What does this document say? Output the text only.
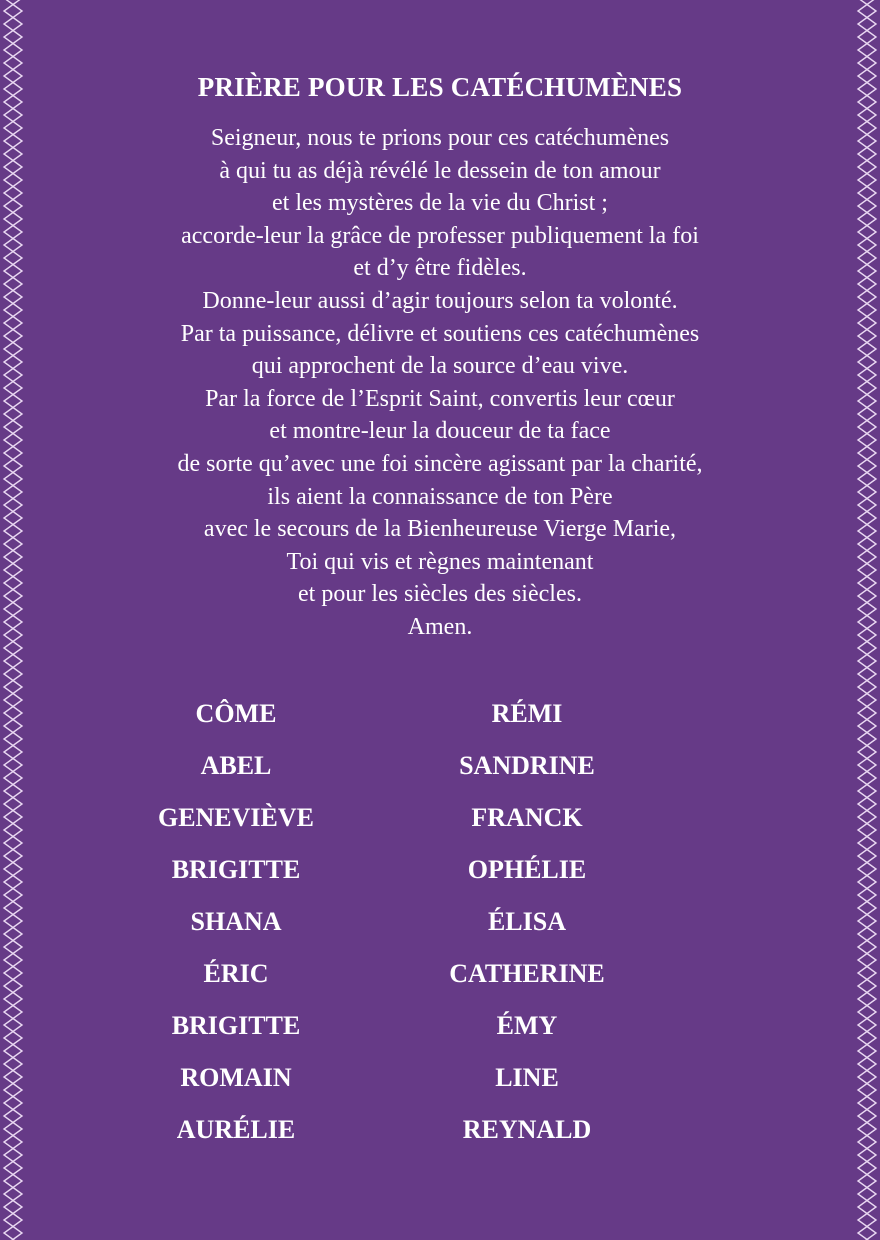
PRIÈRE POUR LES CATÉCHUMÈNES
Seigneur, nous te prions pour ces catéchumènes
à qui tu as déjà révélé le dessein de ton amour
et les mystères de la vie du Christ ;
accorde-leur la grâce de professer publiquement la foi
et d’y être fidèles.
Donne-leur aussi d’agir toujours selon ta volonté.
Par ta puissance, délivre et soutiens ces catéchumènes
qui approchent de la source d’eau vive.
Par la force de l’Esprit Saint, convertis leur cœur
et montre-leur la douceur de ta face
de sorte qu’avec une foi sincère agissant par la charité,
ils aient la connaissance de ton Père
avec le secours de la Bienheureuse Vierge Marie,
Toi qui vis et règnes maintenant
et pour les siècles des siècles.
Amen.
CÔME
ABEL
GENEVIÈVE
BRIGITTE
SHANA
ÉRIC
BRIGITTE
ROMAIN
AURÉLIE
RÉMI
SANDRINE
FRANCK
OPHÉLIE
ÉLISA
CATHERINE
ÉMY
LINE
REYNALD
